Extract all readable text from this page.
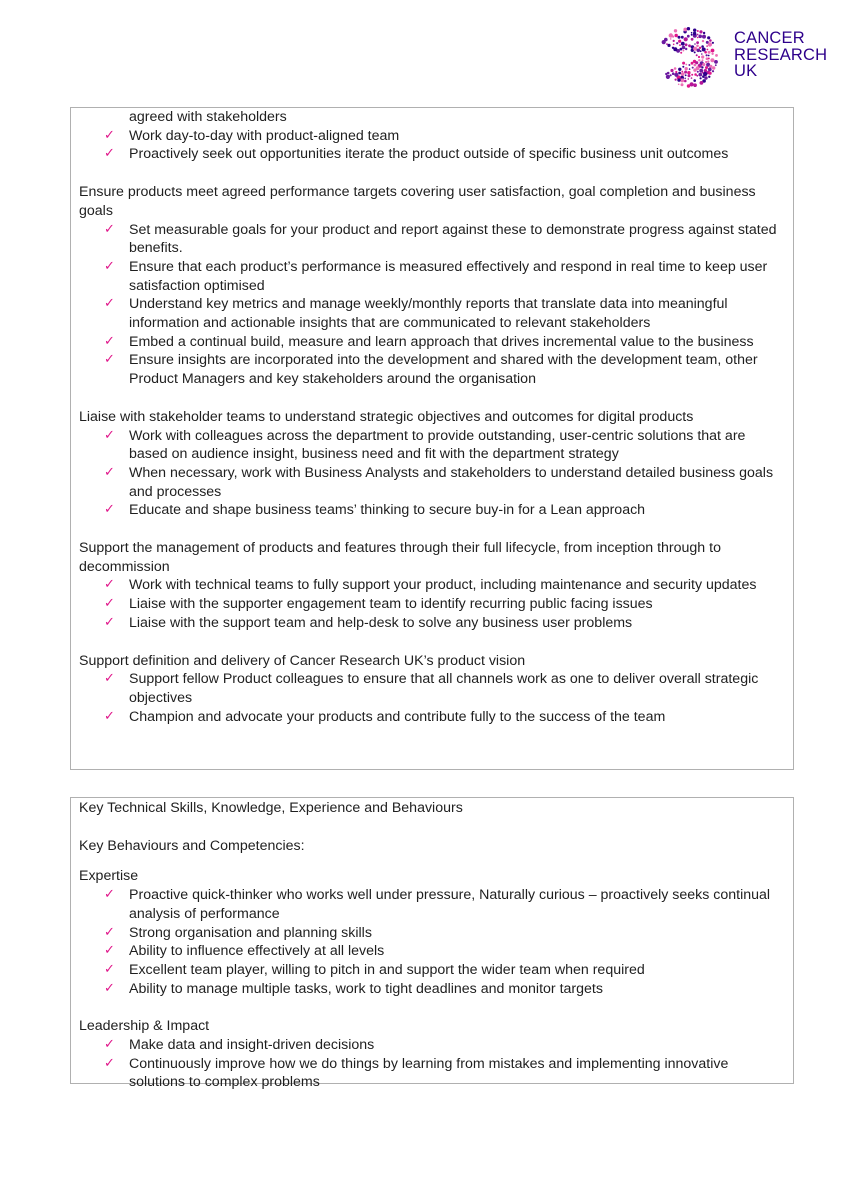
CANCER
RESEARCH
UK
agreed with stakeholders
✓ Work day-to-day with product-aligned team
✓ Proactively seek out opportunities iterate the product outside of specific business unit outcomes
Ensure products meet agreed performance targets covering user satisfaction, goal completion and business goals
✓ Set measurable goals for your product and report against these to demonstrate progress against stated benefits.
✓ Ensure that each product’s performance is measured effectively and respond in real time to keep user satisfaction optimised
✓ Understand key metrics and manage weekly/monthly reports that translate data into meaningful information and actionable insights that are communicated to relevant stakeholders
✓ Embed a continual build, measure and learn approach that drives incremental value to the business
✓ Ensure insights are incorporated into the development and shared with the development team, other Product Managers and key stakeholders around the organisation
Liaise with stakeholder teams to understand strategic objectives and outcomes for digital products
✓ Work with colleagues across the department to provide outstanding, user-centric solutions that are based on audience insight, business need and fit with the department strategy
✓ When necessary, work with Business Analysts and stakeholders to understand detailed business goals and processes
✓ Educate and shape business teams’ thinking to secure buy-in for a Lean approach
Support the management of products and features through their full lifecycle, from inception through to decommission
✓ Work with technical teams to fully support your product, including maintenance and security updates
✓ Liaise with the supporter engagement team to identify recurring public facing issues
✓ Liaise with the support team and help-desk to solve any business user problems
Support definition and delivery of Cancer Research UK’s product vision
✓ Support fellow Product colleagues to ensure that all channels work as one to deliver overall strategic objectives
✓ Champion and advocate your products and contribute fully to the success of the team
Key Technical Skills, Knowledge, Experience and Behaviours
Key Behaviours and Competencies:
Expertise
✓ Proactive quick-thinker who works well under pressure, Naturally curious – proactively seeks continual analysis of performance
✓ Strong organisation and planning skills
✓ Ability to influence effectively at all levels
✓ Excellent team player, willing to pitch in and support the wider team when required
✓ Ability to manage multiple tasks, work to tight deadlines and monitor targets
Leadership & Impact
✓ Make data and insight-driven decisions
✓ Continuously improve how we do things by learning from mistakes and implementing innovative solutions to complex problems
